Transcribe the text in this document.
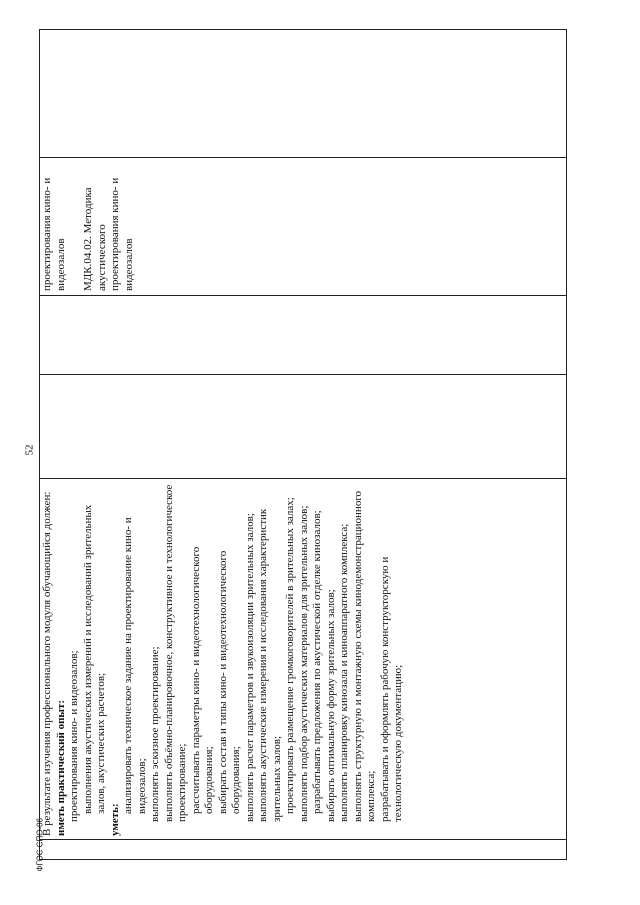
52

В результате изучения профессионального модуля обучающийся должен: иметь практический опыт: проектирования кино- и видеозалов; выполнения акустических измерений и исследований зрительных залов, акустических расчетов;

уметь:

анализировать техническое задание на проектирование кино- и видеозалов; выполнять эскизное проектирование; выполнять объёмно-планировочное, конструктивное и технологическое проектирование; рассчитывать параметры кино- и видеотехнологического оборудования; выбирать состав и типы кино- и видеотехнологического оборудования; выполнять расчет параметров и звукоизоляции зрительных залов; выполнять акустические измерения и исследования характеристик зрительных залов; проектировать размещение громкоговорителей в зрительных залах; выполнять подбор акустических материалов для зрительных залов; разрабатывать предложения по акустической отделке кинозалов; выбирать оптимальную форму зрительных залов; выполнять планировку кинозала и киноаппаратного комплекса; выполнять структурную и монтажную схемы кинодемонстрационного комплекса; разрабатывать и оформлять рабочую конструкторскую и технологическую документацию;

проектирования кино- и видеозалов МДК.04.02. Методика акустического проектирования кино- и видеозалов

ФГОС СПО-06
